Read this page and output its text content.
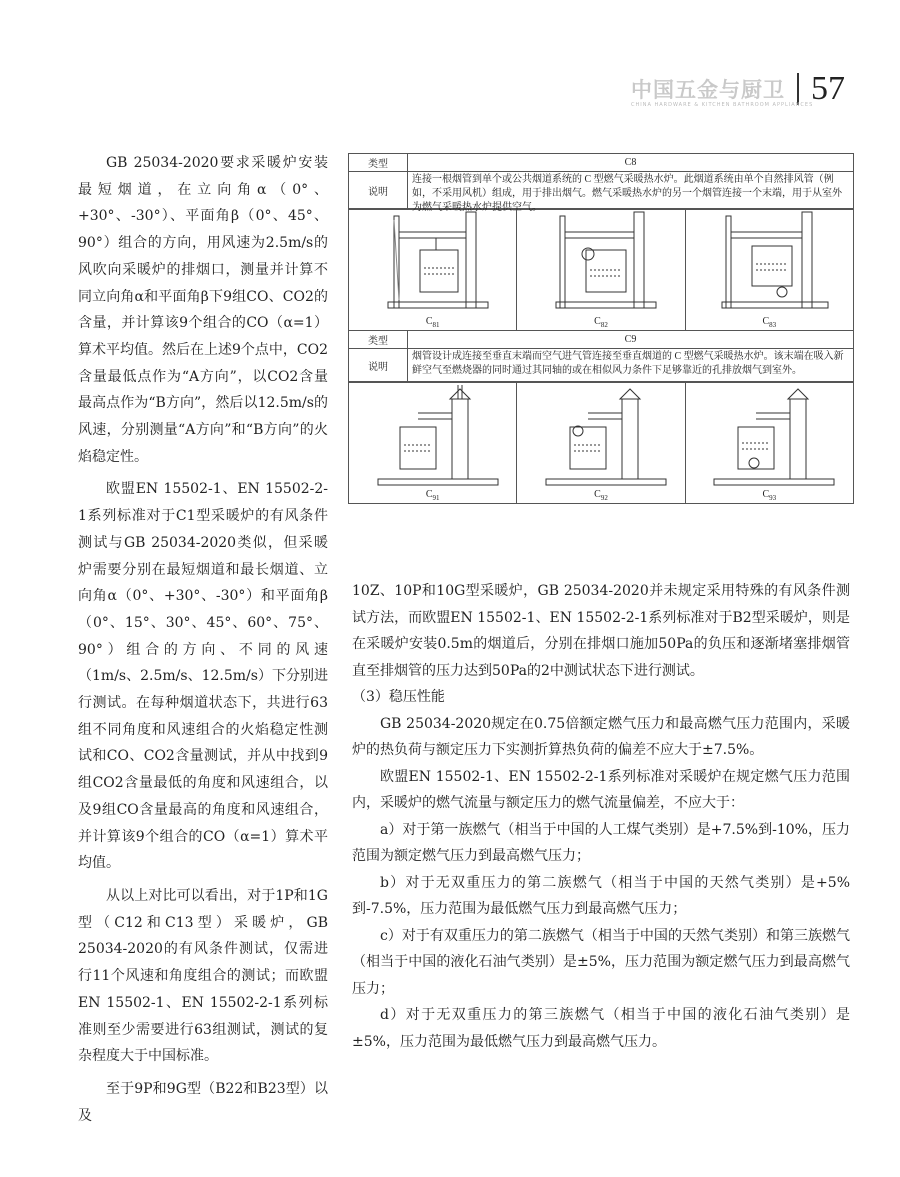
中国五金与厨卫
CHINA HARDWARE & KITCHEN BATHROOM APPLIANCES
57

GB 25034-2020要求采暖炉安装最短烟道，在立向角α（0°、+30°、-30°）、平面角β（0°、45°、90°）组合的方向，用风速为2.5m/s的风吹向采暖炉的排烟口，测量并计算不同立向角α和平面角β下9组CO、CO2的含量，并计算该9个组合的CO（α=1）算术平均值。然后在上述9个点中，CO2含量最低点作为“A方向”，以CO2含量最高点作为“B方向”，然后以12.5m/s的风速，分别测量“A方向”和“B方向”的火焰稳定性。

欧盟EN 15502-1、EN 15502-2-1系列标准对于C1型采暖炉的有风条件测试与GB 25034-2020类似，但采暖炉需要分别在最短烟道和最长烟道、立向角α（0°、+30°、-30°）和平面角β（0°、15°、30°、45°、60°、75°、90°）组合的方向、不同的风速（1m/s、2.5m/s、12.5m/s）下分别进行测试。在每种烟道状态下，共进行63组不同角度和风速组合的火焰稳定性测试和CO、CO2含量测试，并从中找到9组CO2含量最低的角度和风速组合，以及9组CO含量最高的角度和风速组合，并计算该9个组合的CO（α=1）算术平均值。

从以上对比可以看出，对于1P和1G型（C12和C13型）采暖炉，GB 25034-2020的有风条件测试，仅需进行11个风速和角度组合的测试；而欧盟EN 15502-1、EN 15502-2-1系列标准则至少需要进行63组测试，测试的复杂程度大于中国标准。

至于9P和9G型（B22和B23型）以及

类型	C8
说明	连接一根烟管到单个或公共烟道系统的 C 型燃气采暖热水炉。此烟道系统由单个自然排风管（例如，不采用风机）组成，用于排出烟气。燃气采暖热水炉的另一个烟管连接一个末端，用于从室外为燃气采暖热水炉提供空气。
$C_{81}$	$C_{82}$	$C_{83}$
类型	C9
说明	烟管设计成连接至垂直末端而空气进气管连接至垂直烟道的 C 型燃气采暖热水炉。该末端在吸入新鲜空气至燃烧器的同时通过其同轴的或在相似风力条件下足够靠近的孔排放烟气到室外。
$C_{91}$	$C_{92}$	$C_{93}$

10Z、10P和10G型采暖炉，GB 25034-2020并未规定采用特殊的有风条件测试方法，而欧盟EN 15502-1、EN 15502-2-1系列标准对于B2型采暖炉，则是在采暖炉安装0.5m的烟道后，分别在排烟口施加50Pa的负压和逐渐堵塞排烟管直至排烟管的压力达到50Pa的2中测试状态下进行测试。

（3）稳压性能

GB 25034-2020规定在0.75倍额定燃气压力和最高燃气压力范围内，采暖炉的热负荷与额定压力下实测折算热负荷的偏差不应大于±7.5%。

欧盟EN 15502-1、EN 15502-2-1系列标准对采暖炉在规定燃气压力范围内，采暖炉的燃气流量与额定压力的燃气流量偏差，不应大于：

a）对于第一族燃气（相当于中国的人工煤气类别）是+7.5%到-10%，压力范围为额定燃气压力到最高燃气压力；

b）对于无双重压力的第二族燃气（相当于中国的天然气类别）是+5%到-7.5%，压力范围为最低燃气压力到最高燃气压力；

c）对于有双重压力的第二族燃气（相当于中国的天然气类别）和第三族燃气（相当于中国的液化石油气类别）是±5%，压力范围为额定燃气压力到最高燃气压力；

d）对于无双重压力的第三族燃气（相当于中国的液化石油气类别）是±5%，压力范围为最低燃气压力到最高燃气压力。
